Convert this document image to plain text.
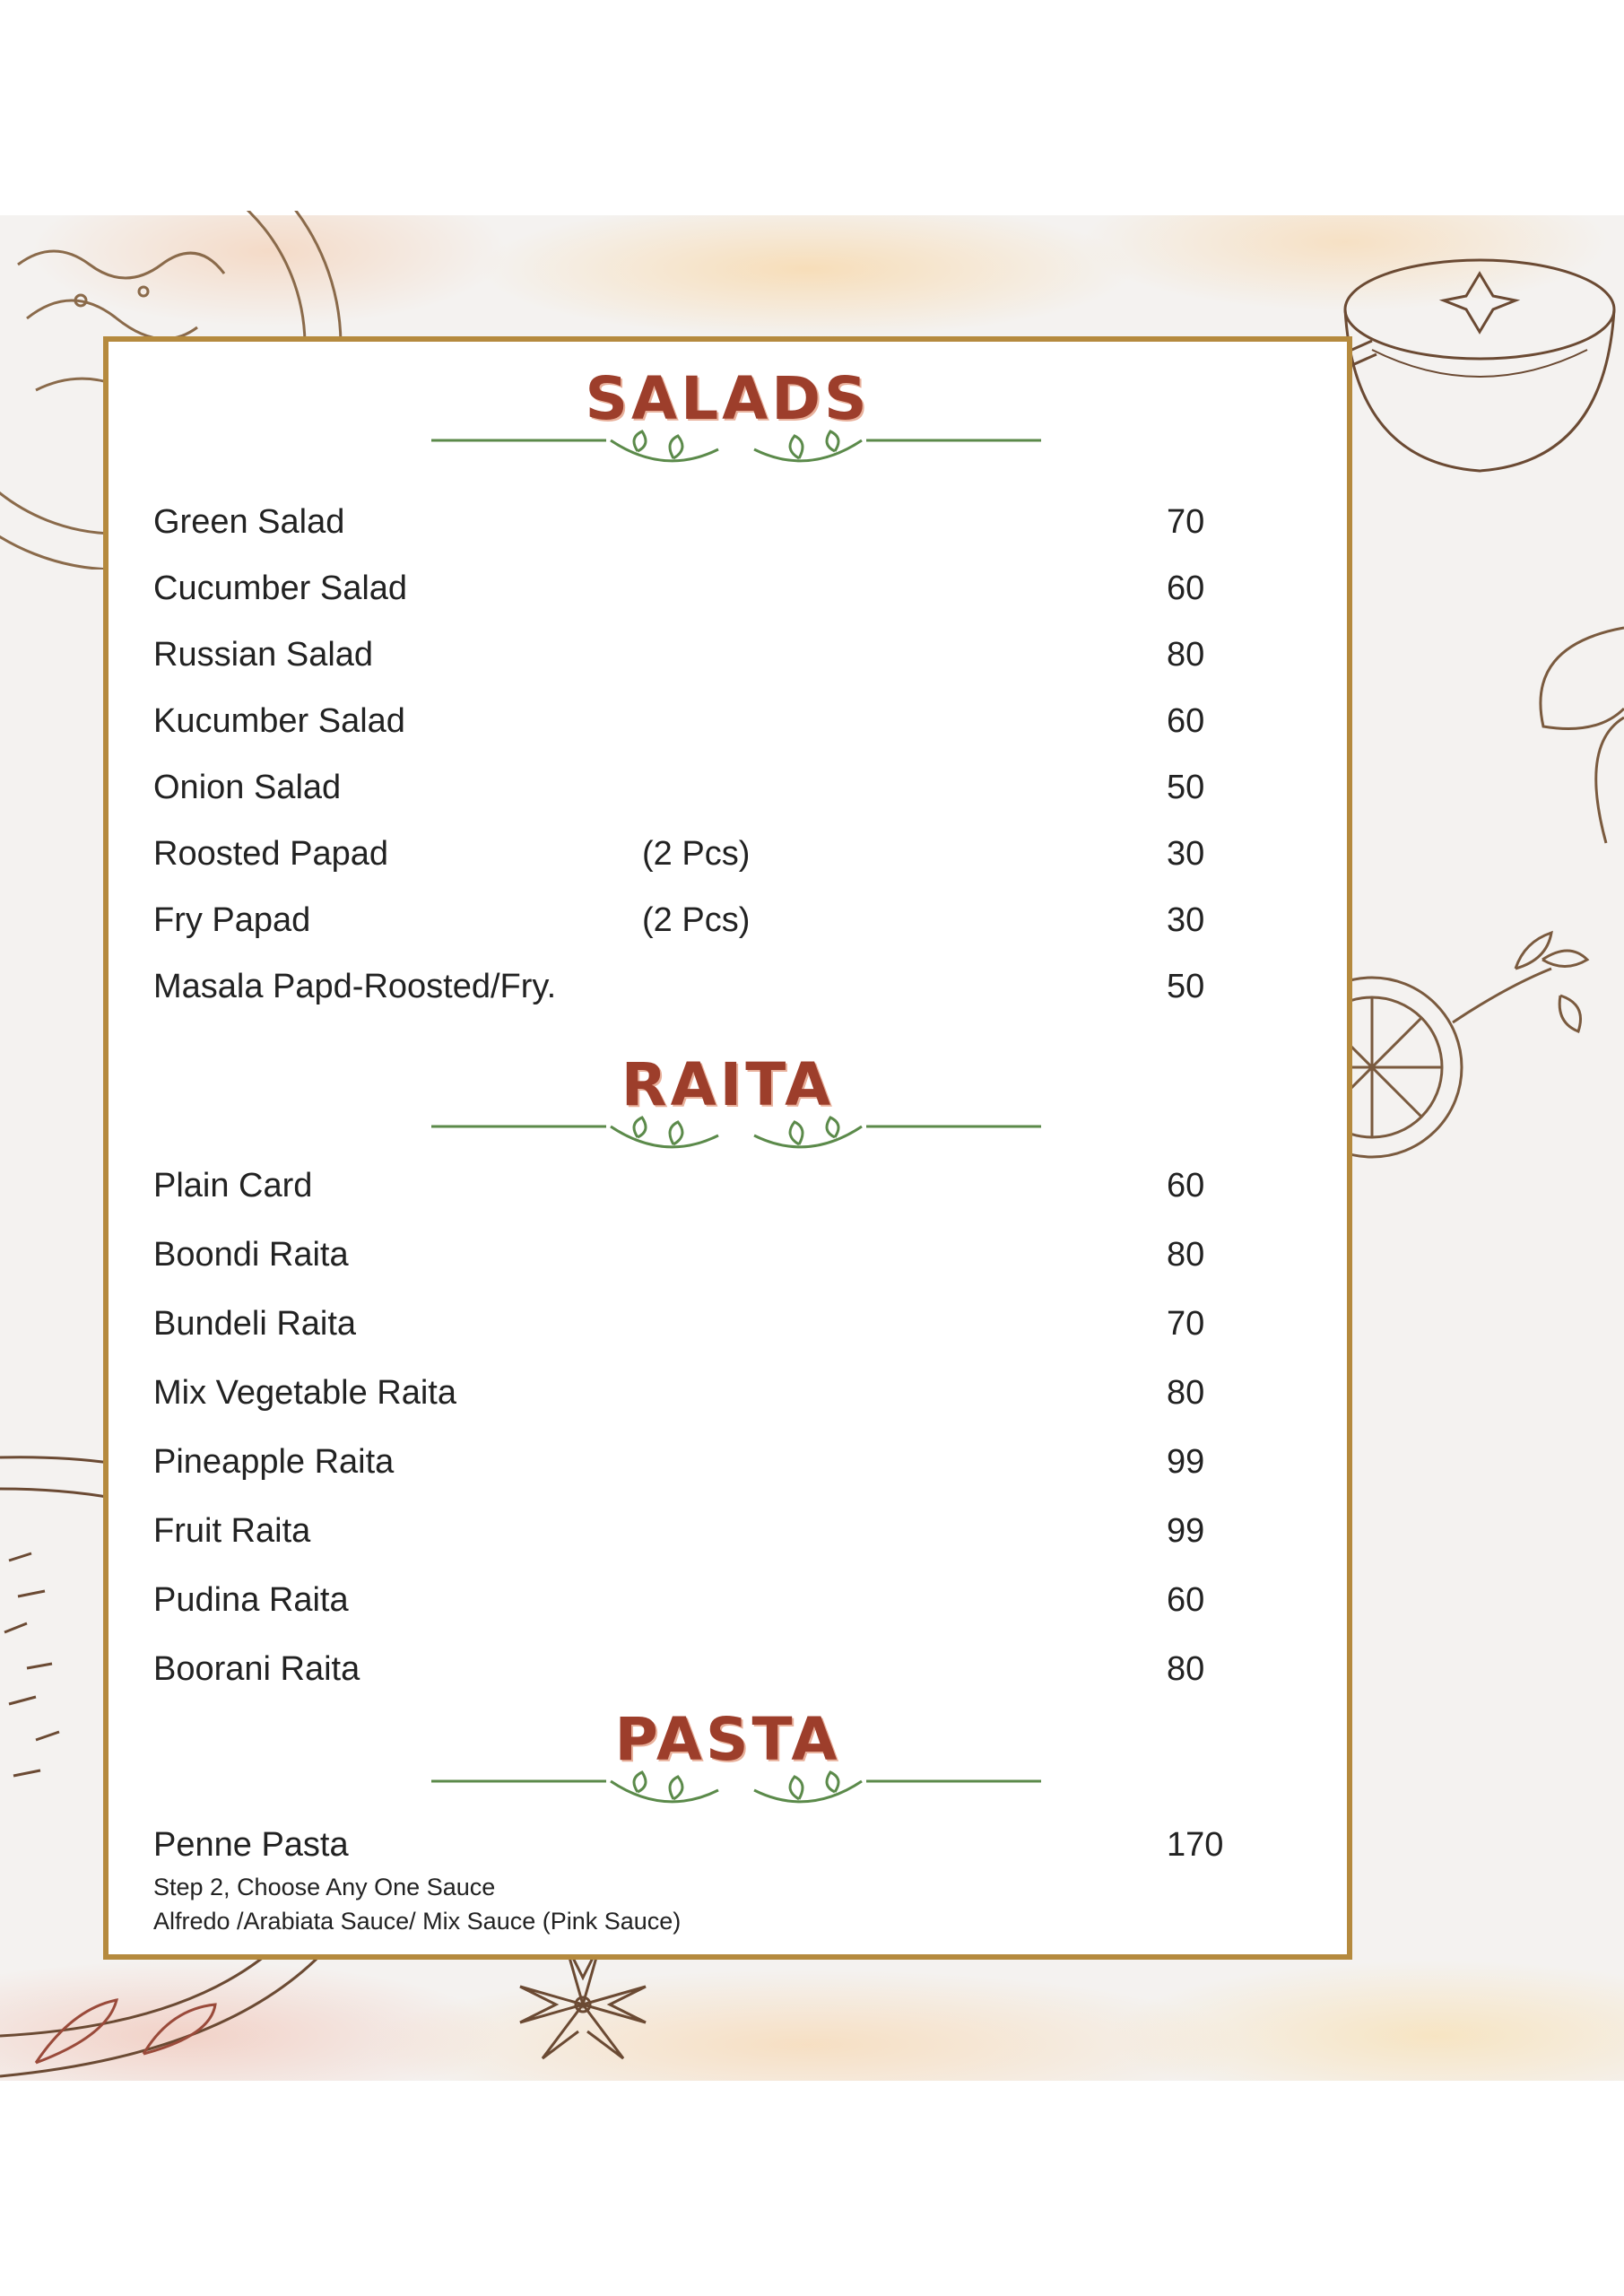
SALADS
Green Salad	70
Cucumber Salad	60
Russian Salad	80
Kucumber Salad	60
Onion Salad	50
Roosted Papad	(2 Pcs)	30
Fry Papad	(2 Pcs)	30
Masala Papd-Roosted/Fry.	50
RAITA
Plain Card	60
Boondi Raita	80
Bundeli Raita	70
Mix Vegetable Raita	80
Pineapple Raita	99
Fruit Raita	99
Pudina Raita	60
Boorani Raita	80
PASTA
Penne Pasta	170
Step 2, Choose Any One Sauce
Alfredo /Arabiata Sauce/ Mix Sauce (Pink Sauce)
